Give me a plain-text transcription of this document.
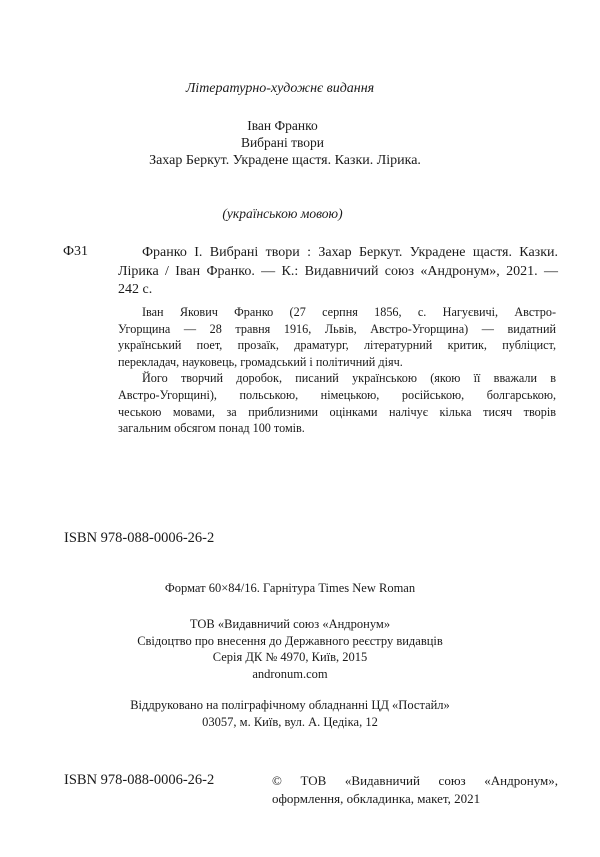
Літературно-художнє видання
Іван Франко
Вибрані твори
Захар Беркут. Украдене щастя. Казки. Лірика.
(українською мовою)
Ф31	Франко І. Вибрані твори : Захар Беркут. Украдене щастя. Казки.
Лірика / Іван Франко. — К.: Видавничий союз «Андронум», 2021. —
242 с.
Іван Якович Франко (27 серпня 1856, с. Нагуєвичі, Австро-
Угорщина — 28 травня 1916, Львів, Австро-Угорщина) — видатний
український поет, прозаїк, драматург, літературний критик, публіцист,
перекладач, науковець, громадський і політичний діяч.
Його творчий доробок, писаний українською (якою її вважали в
Австро-Угорщині), польською, німецькою, російською, болгарською,
чеською мовами, за приблизними оцінками налічує кілька тисяч творів
загальним обсягом понад 100 томів.
ISBN 978-088-0006-26-2
Формат 60×84/16. Гарнітура Times New Roman
ТОВ «Видавничий союз «Андронум»
Свідоцтво про внесення до Державного реєстру видавців
Серія ДК № 4970, Київ, 2015
andronum.com
Віддруковано на поліграфічному обладнанні ЦД «Постайл»
03057, м. Київ, вул. А. Цедіка, 12
ISBN 978-088-0006-26-2	© ТОВ «Видавничий союз «Андронум»,
оформлення, обкладинка, макет, 2021
